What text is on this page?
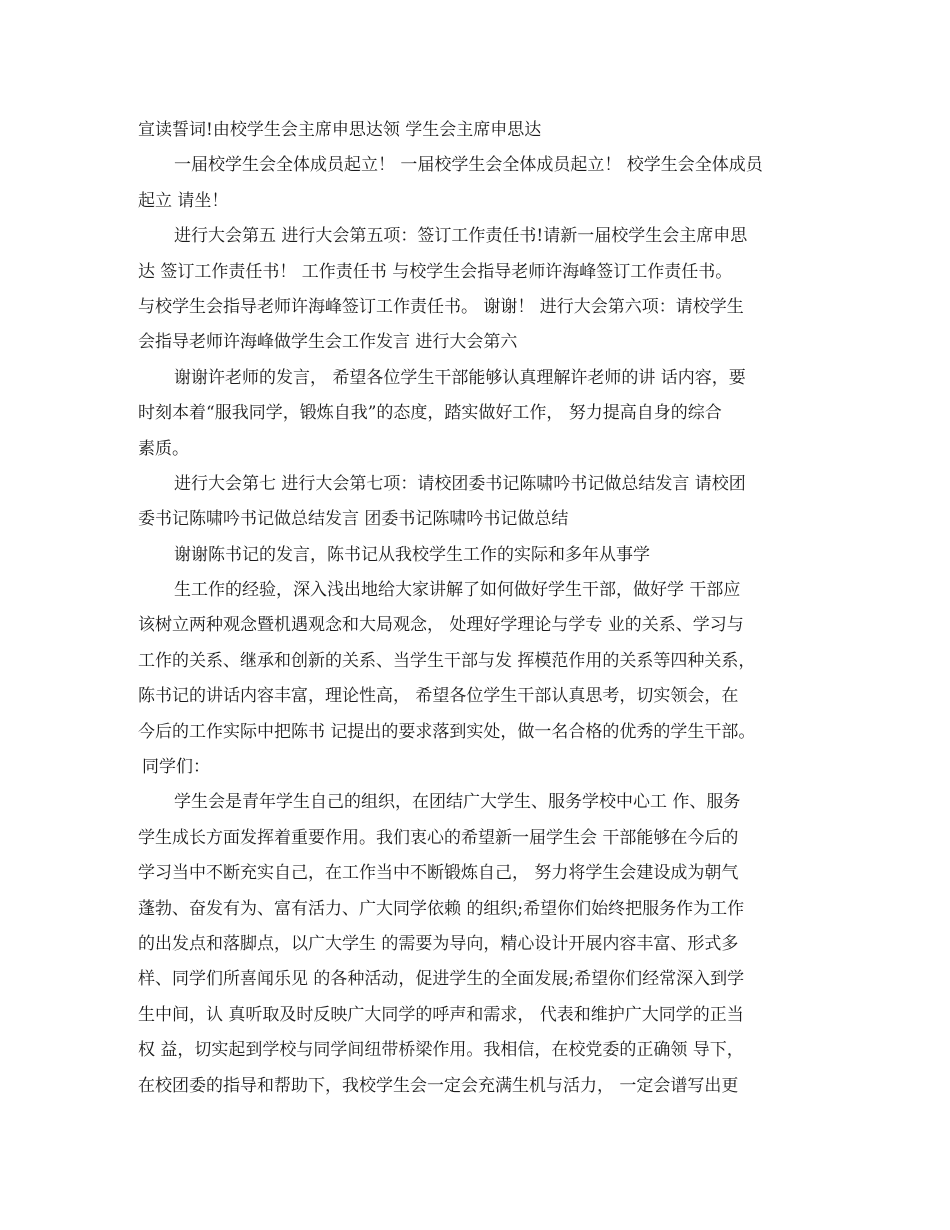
宣读誓词!由校学生会主席申思达领 学生会主席申思达
一届校学生会全体成员起立！ 一届校学生会全体成员起立！ 校学生会全体成员
起立 请坐！
进行大会第五 进行大会第五项：签订工作责任书!请新一届校学生会主席申思
达 签订工作责任书！ 工作责任书 与校学生会指导老师许海峰签订工作责任书。
与校学生会指导老师许海峰签订工作责任书。 谢谢！ 进行大会第六项：请校学生
会指导老师许海峰做学生会工作发言 进行大会第六
谢谢许老师的发言， 希望各位学生干部能够认真理解许老师的讲 话内容，要
时刻本着“服我同学，锻炼自我”的态度，踏实做好工作， 努力提高自身的综合
素质。
进行大会第七 进行大会第七项：请校团委书记陈啸吟书记做总结发言 请校团
委书记陈啸吟书记做总结发言 团委书记陈啸吟书记做总结
谢谢陈书记的发言，陈书记从我校学生工作的实际和多年从事学
生工作的经验，深入浅出地给大家讲解了如何做好学生干部，做好学 干部应
该树立两种观念暨机遇观念和大局观念， 处理好学理论与学专 业的关系、学习与
工作的关系、继承和创新的关系、当学生干部与发 挥模范作用的关系等四种关系，
陈书记的讲话内容丰富，理论性高， 希望各位学生干部认真思考，切实领会，在
今后的工作实际中把陈书 记提出的要求落到实处，做一名合格的优秀的学生干部。
同学们：
学生会是青年学生自己的组织，在团结广大学生、服务学校中心工 作、服务
学生成长方面发挥着重要作用。我们衷心的希望新一届学生会 干部能够在今后的
学习当中不断充实自己，在工作当中不断锻炼自己， 努力将学生会建设成为朝气
蓬勃、奋发有为、富有活力、广大同学依赖 的组织;希望你们始终把服务作为工作
的出发点和落脚点，以广大学生 的需要为导向，精心设计开展内容丰富、形式多
样、同学们所喜闻乐见 的各种活动，促进学生的全面发展;希望你们经常深入到学
生中间，认 真听取及时反映广大同学的呼声和需求， 代表和维护广大同学的正当
权 益，切实起到学校与同学间纽带桥梁作用。我相信，在校党委的正确领 导下，
在校团委的指导和帮助下，我校学生会一定会充满生机与活力， 一定会谱写出更
